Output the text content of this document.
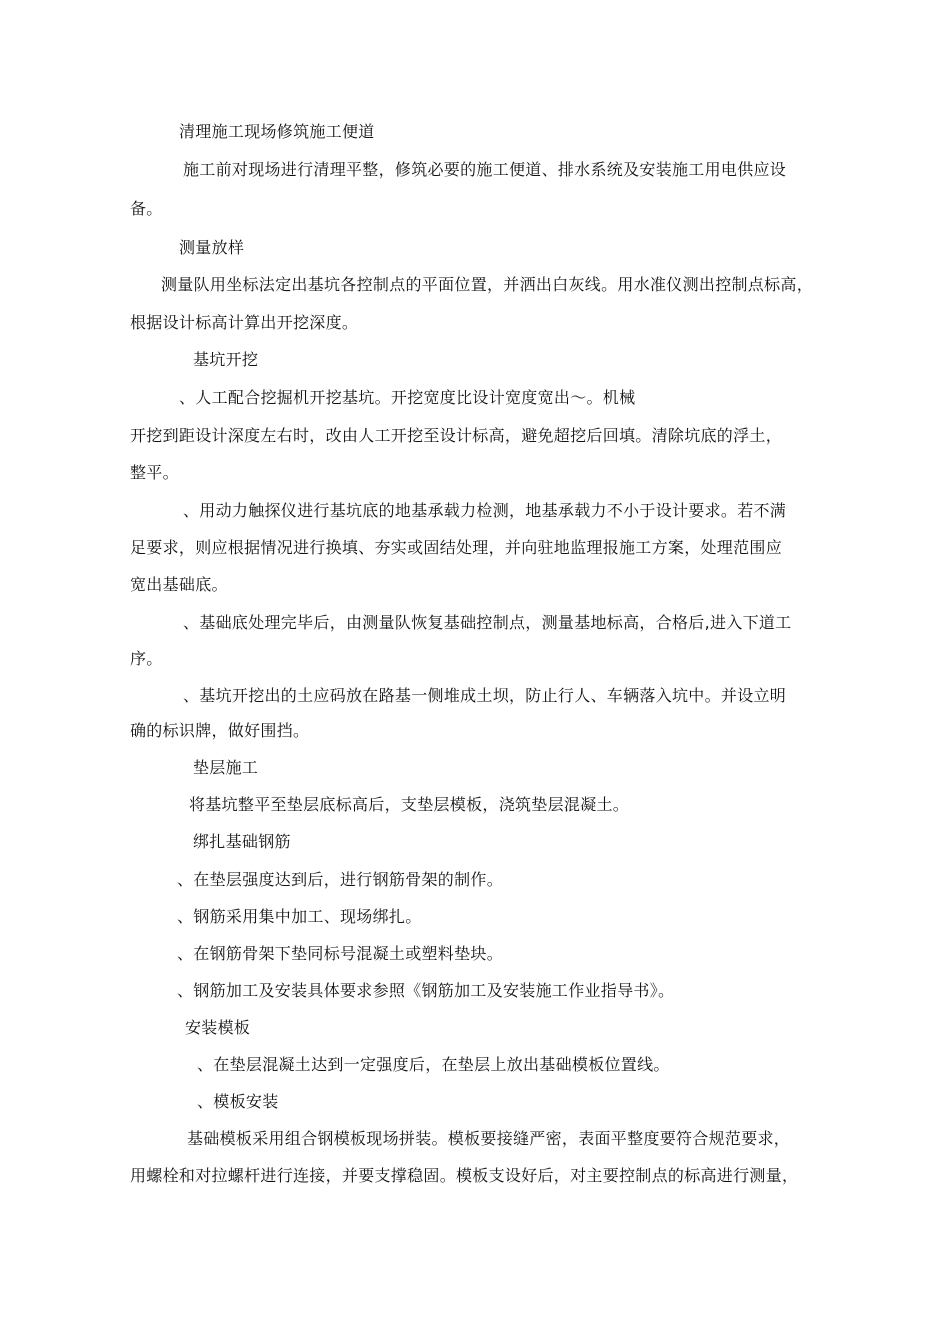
清理施工现场修筑施工便道
施工前对现场进行清理平整，修筑必要的施工便道、排水系统及安装施工用电供应设
备。
测量放样
测量队用坐标法定出基坑各控制点的平面位置，并洒出白灰线。用水准仪测出控制点标高，
根据设计标高计算出开挖深度。
基坑开挖
、人工配合挖掘机开挖基坑。开挖宽度比设计宽度宽出～。机械
开挖到距设计深度左右时，改由人工开挖至设计标高，避免超挖后回填。清除坑底的浮土，
整平。
、用动力触探仪进行基坑底的地基承载力检测，地基承载力不小于设计要求。若不满
足要求，则应根据情况进行换填、夯实或固结处理，并向驻地监理报施工方案，处理范围应
宽出基础底。
、基础底处理完毕后，由测量队恢复基础控制点，测量基地标高，合格后,进入下道工
序。
、基坑开挖出的土应码放在路基一侧堆成土坝，防止行人、车辆落入坑中。并设立明
确的标识牌，做好围挡。
垫层施工
将基坑整平至垫层底标高后，支垫层模板，浇筑垫层混凝土。
绑扎基础钢筋
、在垫层强度达到后，进行钢筋骨架的制作。
、钢筋采用集中加工、现场绑扎。
、在钢筋骨架下垫同标号混凝土或塑料垫块。
、钢筋加工及安装具体要求参照《钢筋加工及安装施工作业指导书》。
安装模板
、在垫层混凝土达到一定强度后，在垫层上放出基础模板位置线。
、模板安装
基础模板采用组合钢模板现场拼装。模板要接缝严密，表面平整度要符合规范要求，
用螺栓和对拉螺杆进行连接，并要支撑稳固。模板支设好后，对主要控制点的标高进行测量，
